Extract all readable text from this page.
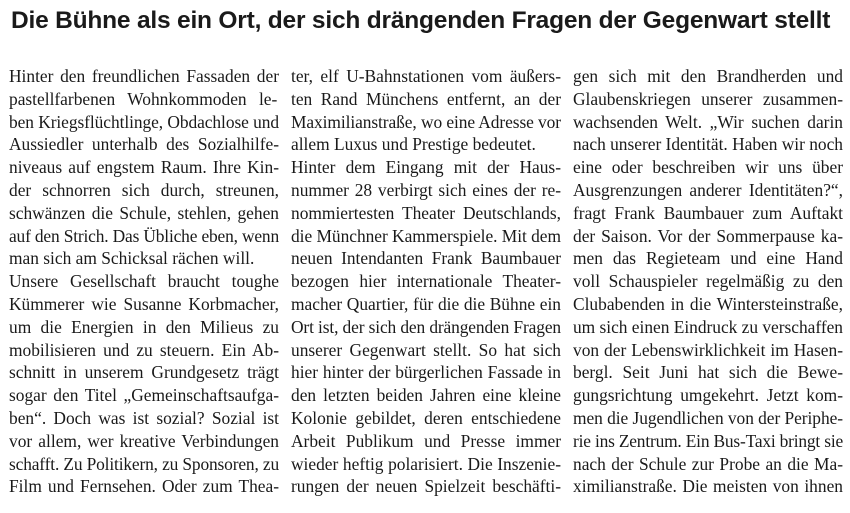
Die Bühne als ein Ort, der sich drängenden Fragen der Gegenwart stellt
Hinter den freundlichen Fassaden der
pastellfarbenen Wohnkommoden le-
ben Kriegsflüchtlinge, Obdachlose und
Aussiedler unterhalb des Sozialhilfe-
niveaus auf engstem Raum. Ihre Kin-
der schnorren sich durch, streunen,
schwänzen die Schule, stehlen, gehen
auf den Strich. Das Übliche eben, wenn
man sich am Schicksal rächen will.
Unsere Gesellschaft braucht toughe
Kümmerer wie Susanne Korbmacher,
um die Energien in den Milieus zu
mobilisieren und zu steuern. Ein Ab-
schnitt in unserem Grundgesetz trägt
sogar den Titel „Gemeinschaftsaufga-
ben“. Doch was ist sozial? Sozial ist
vor allem, wer kreative Verbindungen
schafft. Zu Politikern, zu Sponsoren, zu
Film und Fernsehen. Oder zum Thea-
ter, elf U-Bahnstationen vom äußers-
ten Rand Münchens entfernt, an der
Maximilianstraße, wo eine Adresse vor
allem Luxus und Prestige bedeutet.
Hinter dem Eingang mit der Haus-
nummer 28 verbirgt sich eines der re-
nommiertesten Theater Deutschlands,
die Münchner Kammerspiele. Mit dem
neuen Intendanten Frank Baumbauer
bezogen hier internationale Theater-
macher Quartier, für die die Bühne ein
Ort ist, der sich den drängenden Fragen
unserer Gegenwart stellt. So hat sich
hier hinter der bürgerlichen Fassade in
den letzten beiden Jahren eine kleine
Kolonie gebildet, deren entschiedene
Arbeit Publikum und Presse immer
wieder heftig polarisiert. Die Inszenie-
rungen der neuen Spielzeit beschäfti-
gen sich mit den Brandherden und
Glaubenskriegen unserer zusammen-
wachsenden Welt. „Wir suchen darin
nach unserer Identität. Haben wir noch
eine oder beschreiben wir uns über
Ausgrenzungen anderer Identitäten?“,
fragt Frank Baumbauer zum Auftakt
der Saison. Vor der Sommerpause ka-
men das Regieteam und eine Hand
voll Schauspieler regelmäßig zu den
Clubabenden in die Wintersteinstraße,
um sich einen Eindruck zu verschaffen
von der Lebenswirklichkeit im Hasen-
bergl. Seit Juni hat sich die Bewe-
gungsrichtung umgekehrt. Jetzt kom-
men die Jugendlichen von der Periphe-
rie ins Zentrum. Ein Bus-Taxi bringt sie
nach der Schule zur Probe an die Ma-
ximilianstraße. Die meisten von ihnen
